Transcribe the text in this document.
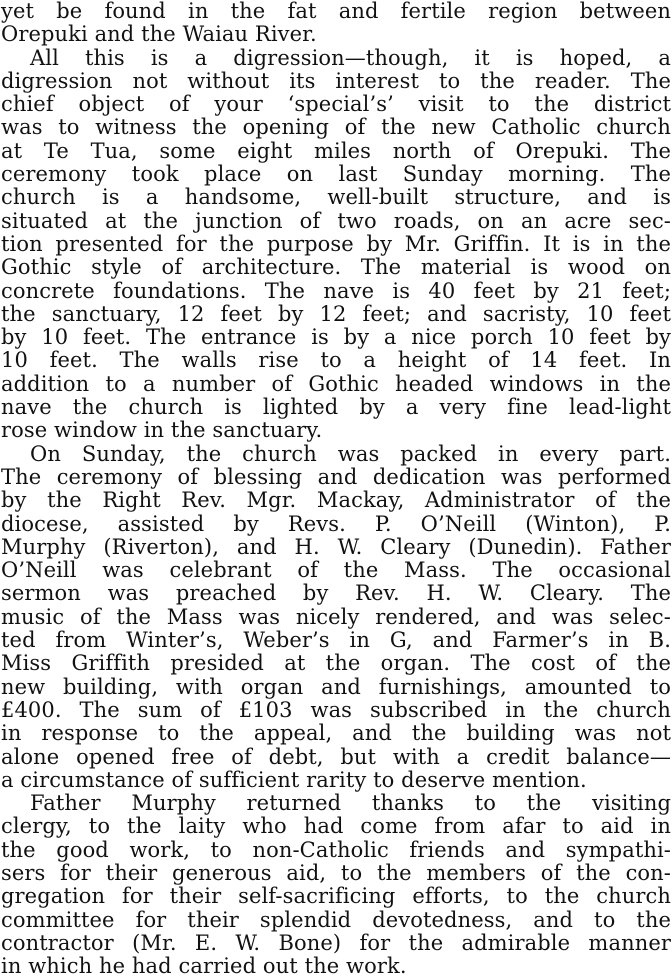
yet be found in the fat and fertile region between
Orepuki and the Waiau River.
All this is a digression—though, it is hoped, a
digression not without its interest to the reader. The
chief object of your ‘special’s’ visit to the district
was to witness the opening of the new Catholic church
at Te Tua, some eight miles north of Orepuki. The
ceremony took place on last Sunday morning. The
church is a handsome, well-built structure, and is
situated at the junction of two roads, on an acre sec-
tion presented for the purpose by Mr. Griffin. It is in the
Gothic style of architecture. The material is wood on
concrete foundations. The nave is 40 feet by 21 feet;
the sanctuary, 12 feet by 12 feet; and sacristy, 10 feet
by 10 feet. The entrance is by a nice porch 10 feet by
10 feet. The walls rise to a height of 14 feet. In
addition to a number of Gothic headed windows in the
nave the church is lighted by a very fine lead-light
rose window in the sanctuary.
On Sunday, the church was packed in every part.
The ceremony of blessing and dedication was performed
by the Right Rev. Mgr. Mackay, Administrator of the
diocese, assisted by Revs. P. O’Neill (Winton), P.
Murphy (Riverton), and H. W. Cleary (Dunedin). Father
O’Neill was celebrant of the Mass. The occasional
sermon was preached by Rev. H. W. Cleary. The
music of the Mass was nicely rendered, and was selec-
ted from Winter’s, Weber’s in G, and Farmer’s in B.
Miss Griffith presided at the organ. The cost of the
new building, with organ and furnishings, amounted to
£400. The sum of £103 was subscribed in the church
in response to the appeal, and the building was not
alone opened free of debt, but with a credit balance—
a circumstance of sufficient rarity to deserve mention.
Father Murphy returned thanks to the visiting
clergy, to the laity who had come from afar to aid in
the good work, to non-Catholic friends and sympathi-
sers for their generous aid, to the members of the con-
gregation for their self-sacrificing efforts, to the church
committee for their splendid devotedness, and to the
contractor (Mr. E. W. Bone) for the admirable manner
in which he had carried out the work.
